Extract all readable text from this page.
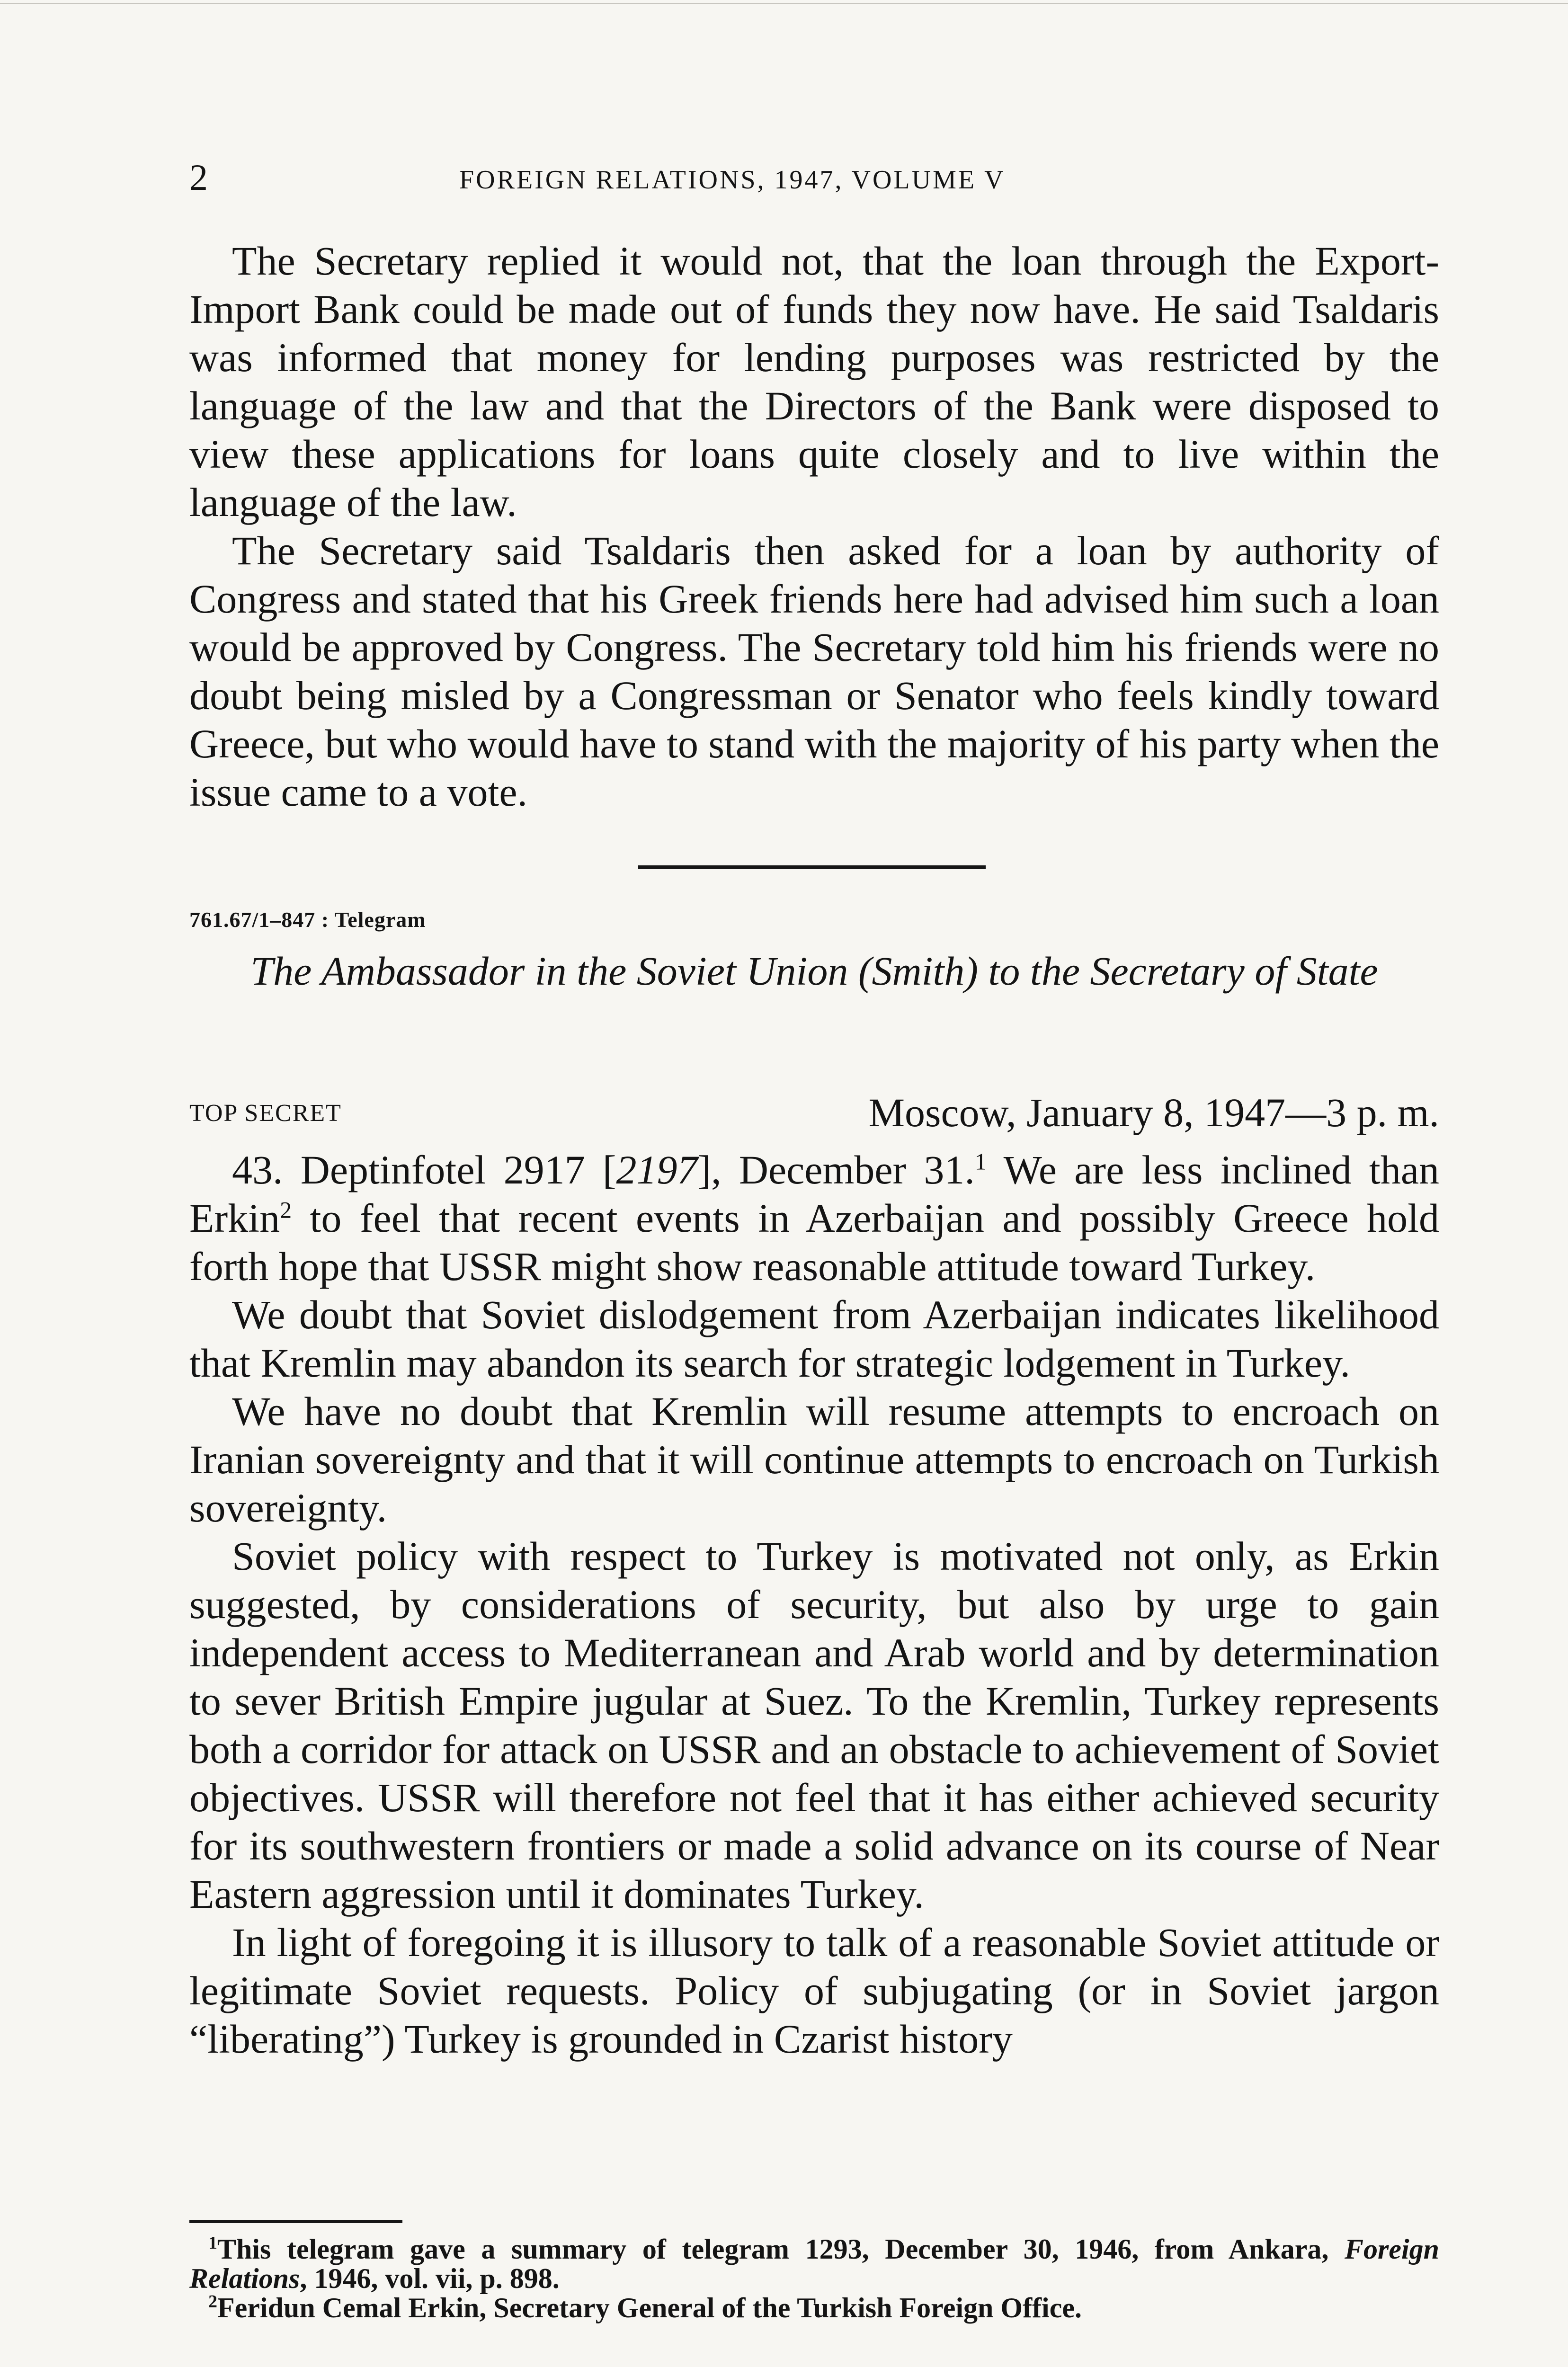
2	FOREIGN RELATIONS, 1947, VOLUME V

The Secretary replied it would not, that the loan through the Export-Import Bank could be made out of funds they now have. He said Tsaldaris was informed that money for lending purposes was restricted by the language of the law and that the Directors of the Bank were disposed to view these applications for loans quite closely and to live within the language of the law.

The Secretary said Tsaldaris then asked for a loan by authority of Congress and stated that his Greek friends here had advised him such a loan would be approved by Congress. The Secretary told him his friends were no doubt being misled by a Congressman or Senator who feels kindly toward Greece, but who would have to stand with the majority of his party when the issue came to a vote.

761.67/1–847 : Telegram
The Ambassador in the Soviet Union (Smith) to the Secretary of State
TOP SECRET	Moscow, January 8, 1947—3 p. m.

43. Deptinfotel 2917 [2197], December 31.$^1$ We are less inclined than Erkin$^2$ to feel that recent events in Azerbaijan and possibly Greece hold forth hope that USSR might show reasonable attitude toward Turkey.

We doubt that Soviet dislodgement from Azerbaijan indicates likelihood that Kremlin may abandon its search for strategic lodgement in Turkey.

We have no doubt that Kremlin will resume attempts to encroach on Iranian sovereignty and that it will continue attempts to encroach on Turkish sovereignty.

Soviet policy with respect to Turkey is motivated not only, as Erkin suggested, by considerations of security, but also by urge to gain independent access to Mediterranean and Arab world and by determination to sever British Empire jugular at Suez. To the Kremlin, Turkey represents both a corridor for attack on USSR and an obstacle to achievement of Soviet objectives. USSR will therefore not feel that it has either achieved security for its southwestern frontiers or made a solid advance on its course of Near Eastern aggression until it dominates Turkey.

In light of foregoing it is illusory to talk of a reasonable Soviet attitude or legitimate Soviet requests. Policy of subjugating (or in Soviet jargon “liberating”) Turkey is grounded in Czarist history

$^1$This telegram gave a summary of telegram 1293, December 30, 1946, from Ankara, Foreign Relations, 1946, vol. vii, p. 898.

$^2$Feridun Cemal Erkin, Secretary General of the Turkish Foreign Office.
